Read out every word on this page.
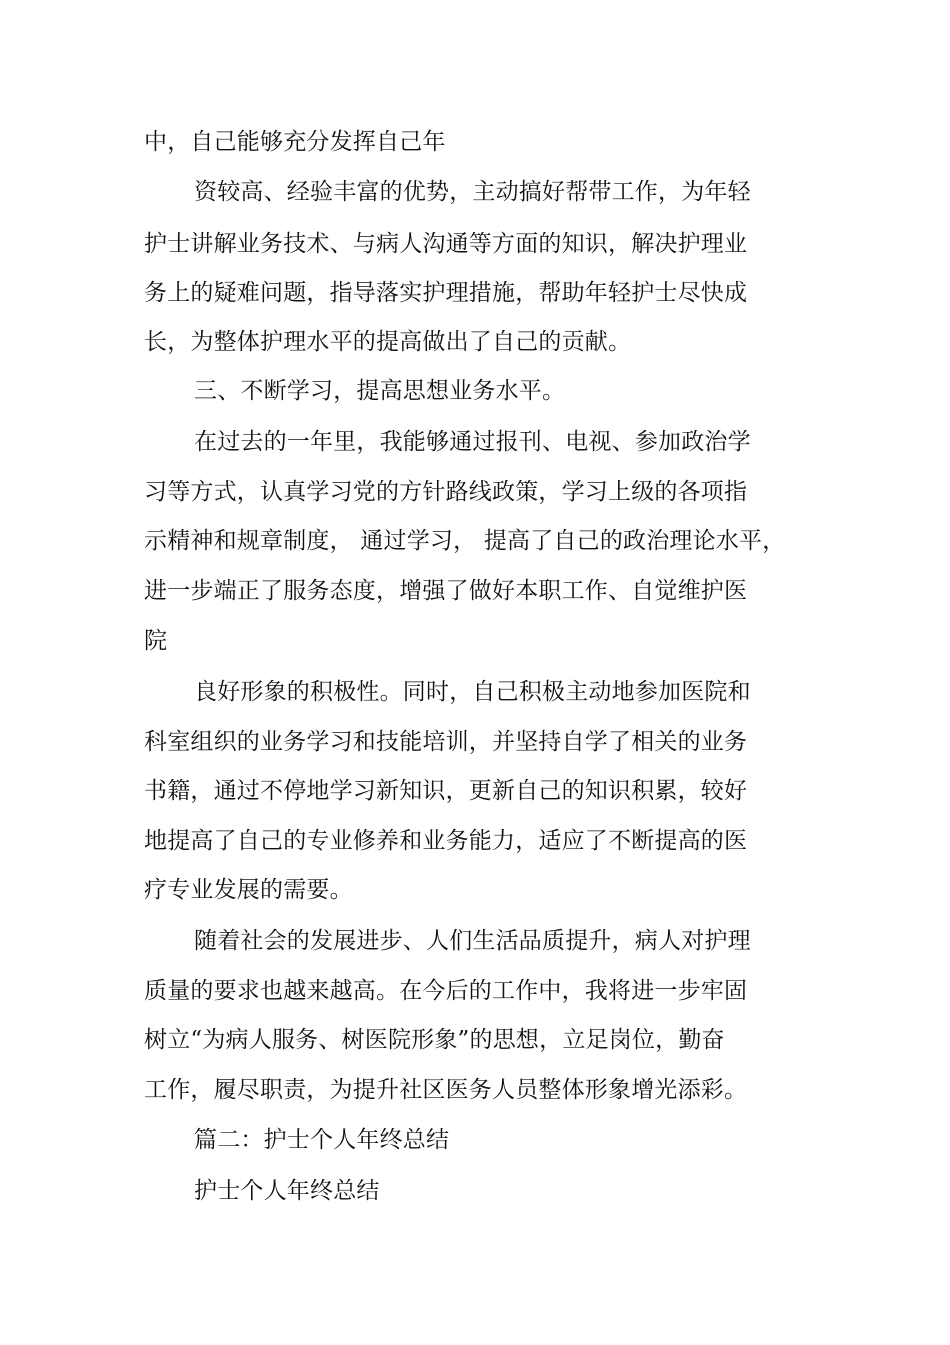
中，自己能够充分发挥自己年
资较高、经验丰富的优势，主动搞好帮带工作，为年轻
护士讲解业务技术、与病人沟通等方面的知识，解决护理业
务上的疑难问题，指导落实护理措施，帮助年轻护士尽快成
长，为整体护理水平的提高做出了自己的贡献。
三、不断学习，提高思想业务水平。
在过去的一年里，我能够通过报刊、电视、参加政治学
习等方式，认真学习党的方针路线政策，学习上级的各项指
示精神和规章制度， 通过学习， 提高了自己的政治理论水平，
进一步端正了服务态度，增强了做好本职工作、自觉维护医
院
良好形象的积极性。同时，自己积极主动地参加医院和
科室组织的业务学习和技能培训，并坚持自学了相关的业务
书籍，通过不停地学习新知识，更新自己的知识积累，较好
地提高了自己的专业修养和业务能力，适应了不断提高的医
疗专业发展的需要。
随着社会的发展进步、人们生活品质提升，病人对护理
质量的要求也越来越高。在今后的工作中，我将进一步牢固
树立“为病人服务、树医院形象”的思想，立足岗位，勤奋
工作，履尽职责，为提升社区医务人员整体形象增光添彩。
篇二：护士个人年终总结
护士个人年终总结
